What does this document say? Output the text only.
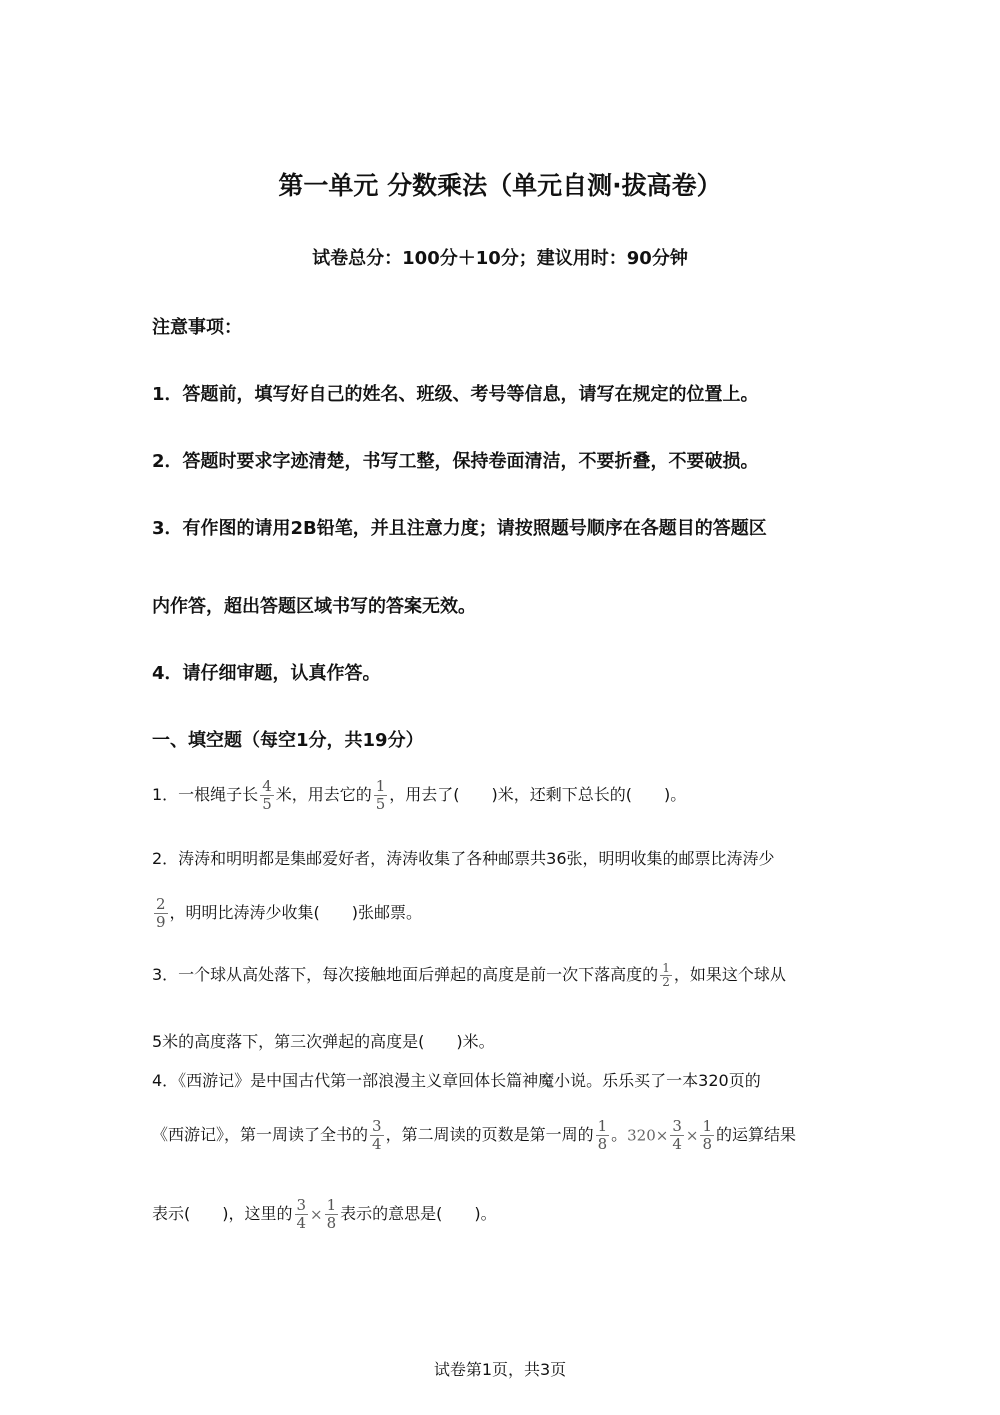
第一单元 分数乘法（单元自测·拔高卷）
试卷总分：100分＋10分；建议用时：90分钟
注意事项：
1．答题前，填写好自己的姓名、班级、考号等信息，请写在规定的位置上。
2．答题时要求字迹清楚，书写工整，保持卷面清洁，不要折叠，不要破损。
3．有作图的请用2B铅笔，并且注意力度；请按照题号顺序在各题目的答题区
内作答，超出答题区域书写的答案无效。
4．请仔细审题，认真作答。
一、填空题（每空1分，共19分）
1．一根绳子长 $\frac{4}{5}$ 米，用去它的 $\frac{1}{5}$ ，用去了(　　)米，还剩下总长的(　　)。
2．涛涛和明明都是集邮爱好者，涛涛收集了各种邮票共36张，明明收集的邮票比涛涛少
$\frac{2}{9}$ ，明明比涛涛少收集(　　)张邮票。
3．一个球从高处落下，每次接触地面后弹起的高度是前一次下落高度的 $\frac{1}{2}$ ，如果这个球从
5米的高度落下，第三次弹起的高度是(　　)米。
4．《西游记》是中国古代第一部浪漫主义章回体长篇神魔小说。乐乐买了一本320页的
《西游记》，第一周读了全书的 $\frac{3}{4}$ ，第二周读的页数是第一周的 $\frac{1}{8}$ 。$320\times \frac{3}{4} \times \frac{1}{8}$ 的运算结果
表示(　　)，这里的 $\frac{3}{4} \times \frac{1}{8}$ 表示的意思是(　　)。
试卷第1页，共3页
